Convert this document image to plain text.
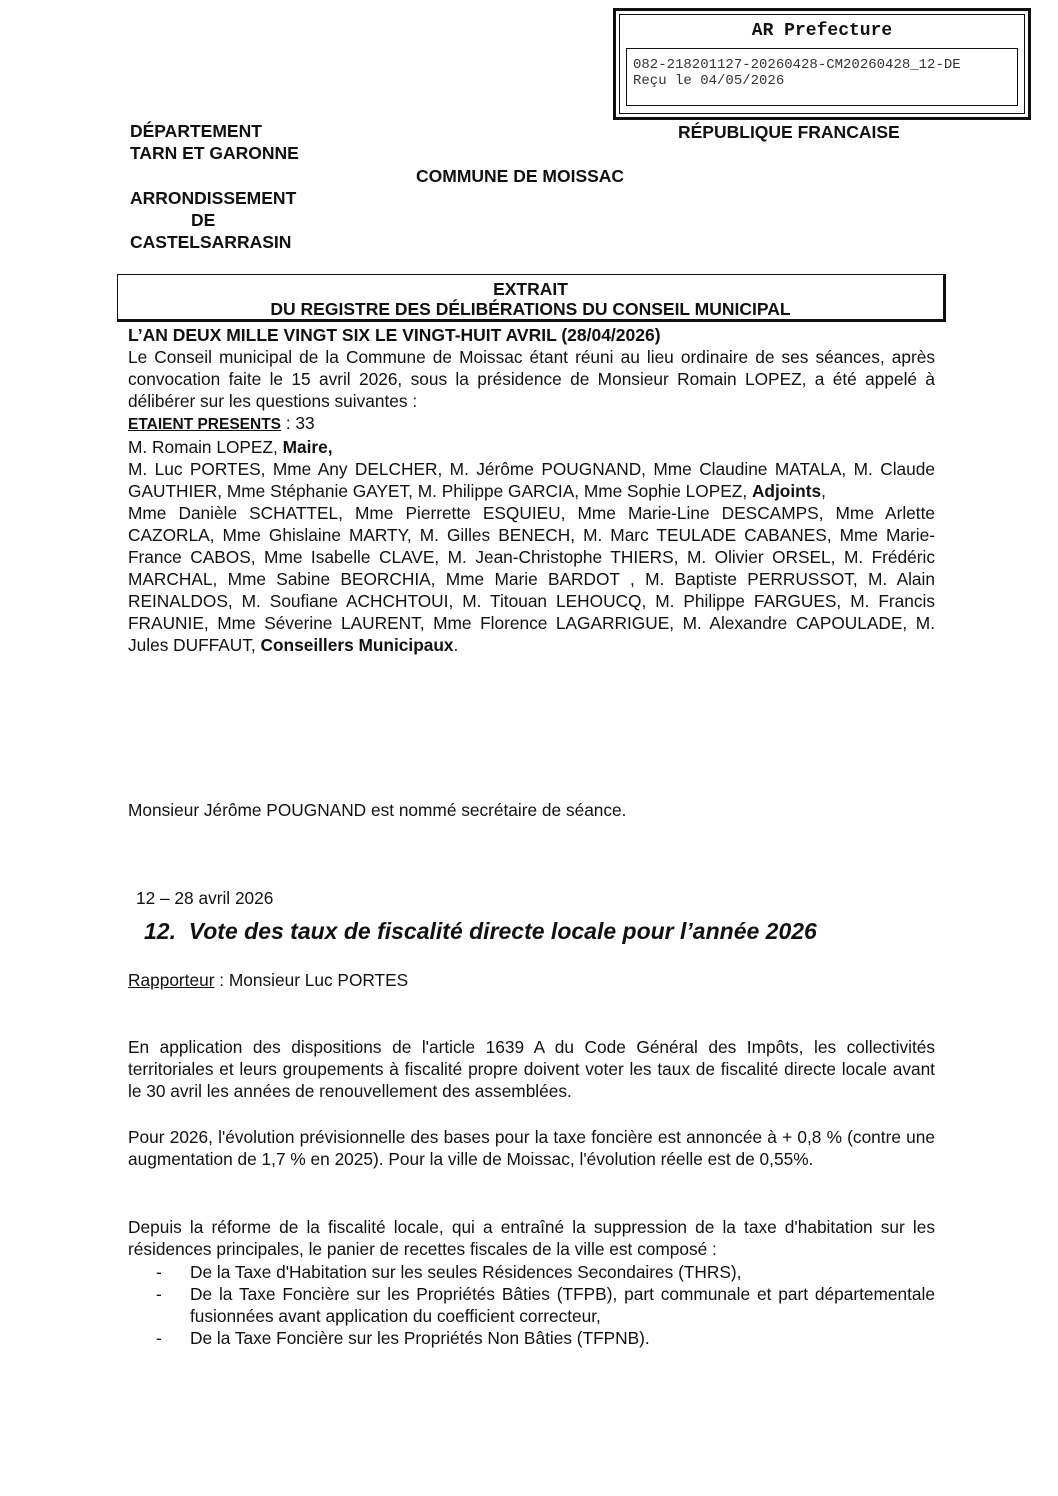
AR Prefecture
082-218201127-20260428-CM20260428_12-DE
Reçu le 04/05/2026
DÉPARTEMENT
TARN ET GARONNE
ARRONDISSEMENT
DE
CASTELSARRASIN
RÉPUBLIQUE FRANCAISE
COMMUNE DE MOISSAC
EXTRAIT
DU REGISTRE DES DÉLIBÉRATIONS DU CONSEIL MUNICIPAL
L’AN DEUX MILLE VINGT SIX LE VINGT-HUIT AVRIL (28/04/2026)
Le Conseil municipal de la Commune de Moissac étant réuni au lieu ordinaire de ses séances, après convocation faite le 15 avril 2026, sous la présidence de Monsieur Romain LOPEZ, a été appelé à délibérer sur les questions suivantes :
ETAIENT PRESENTS : 33
M. Romain LOPEZ, Maire,
M. Luc PORTES, Mme Any DELCHER, M. Jérôme POUGNAND, Mme Claudine MATALA, M. Claude GAUTHIER, Mme Stéphanie GAYET, M. Philippe GARCIA, Mme Sophie LOPEZ, Adjoints,
Mme Danièle SCHATTEL, Mme Pierrette ESQUIEU, Mme Marie-Line DESCAMPS, Mme Arlette CAZORLA, Mme Ghislaine MARTY, M. Gilles BENECH, M. Marc TEULADE CABANES, Mme Marie-France CABOS, Mme Isabelle CLAVE, M. Jean-Christophe THIERS, M. Olivier ORSEL, M. Frédéric MARCHAL, Mme Sabine BEORCHIA, Mme Marie BARDOT , M. Baptiste PERRUSSOT, M. Alain REINALDOS, M. Soufiane ACHCHTOUI, M. Titouan LEHOUCQ, M. Philippe FARGUES, M. Francis FRAUNIE, Mme Séverine LAURENT, Mme Florence LAGARRIGUE, M. Alexandre CAPOULADE, M. Jules DUFFAUT, Conseillers Municipaux.
Monsieur Jérôme POUGNAND est nommé secrétaire de séance.
12 – 28 avril 2026
12. Vote des taux de fiscalité directe locale pour l’année 2026
Rapporteur : Monsieur Luc PORTES
En application des dispositions de l'article 1639 A du Code Général des Impôts, les collectivités territoriales et leurs groupements à fiscalité propre doivent voter les taux de fiscalité directe locale avant le 30 avril les années de renouvellement des assemblées.
Pour 2026, l'évolution prévisionnelle des bases pour la taxe foncière est annoncée à + 0,8 % (contre une augmentation de 1,7 % en 2025). Pour la ville de Moissac, l'évolution réelle est de 0,55%.
Depuis la réforme de la fiscalité locale, qui a entraîné la suppression de la taxe d'habitation sur les résidences principales, le panier de recettes fiscales de la ville est composé :
- De la Taxe d'Habitation sur les seules Résidences Secondaires (THRS),
- De la Taxe Foncière sur les Propriétés Bâties (TFPB), part communale et part départementale fusionnées avant application du coefficient correcteur,
- De la Taxe Foncière sur les Propriétés Non Bâties (TFPNB).
